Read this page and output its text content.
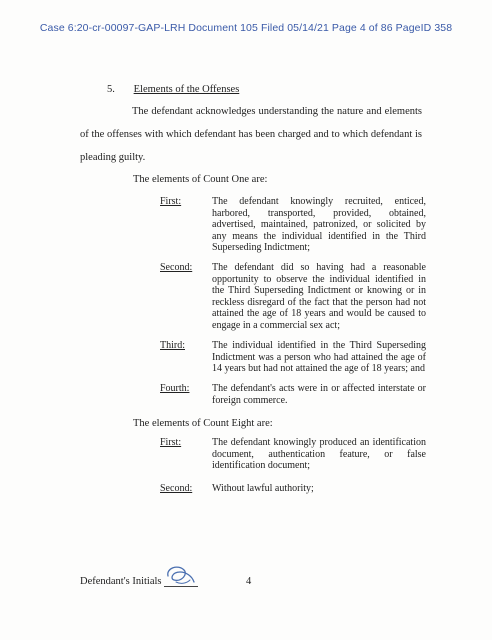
Case 6:20-cr-00097-GAP-LRH Document 105 Filed 05/14/21 Page 4 of 86 PageID 358
5. Elements of the Offenses

The defendant acknowledges understanding the nature and elements of the offenses with which defendant has been charged and to which defendant is pleading guilty.

The elements of Count One are:
First:	The defendant knowingly recruited, enticed, harbored, transported, provided, obtained, advertised, maintained, patronized, or solicited by any means the individual identified in the Third Superseding Indictment;
Second: The defendant did so having had a reasonable opportunity to observe the individual identified in the Third Superseding Indictment or knowing or in reckless disregard of the fact that the person had not attained the age of 18 years and would be caused to engage in a commercial sex act;
Third:	The individual identified in the Third Superseding Indictment was a person who had attained the age of 14 years but had not attained the age of 18 years; and
Fourth: The defendant's acts were in or affected interstate or foreign commerce.
The elements of Count Eight are:
First:	The defendant knowingly produced an identification document, authentication feature, or false identification document;
Second: Without lawful authority;
Defendant's Initials	4
